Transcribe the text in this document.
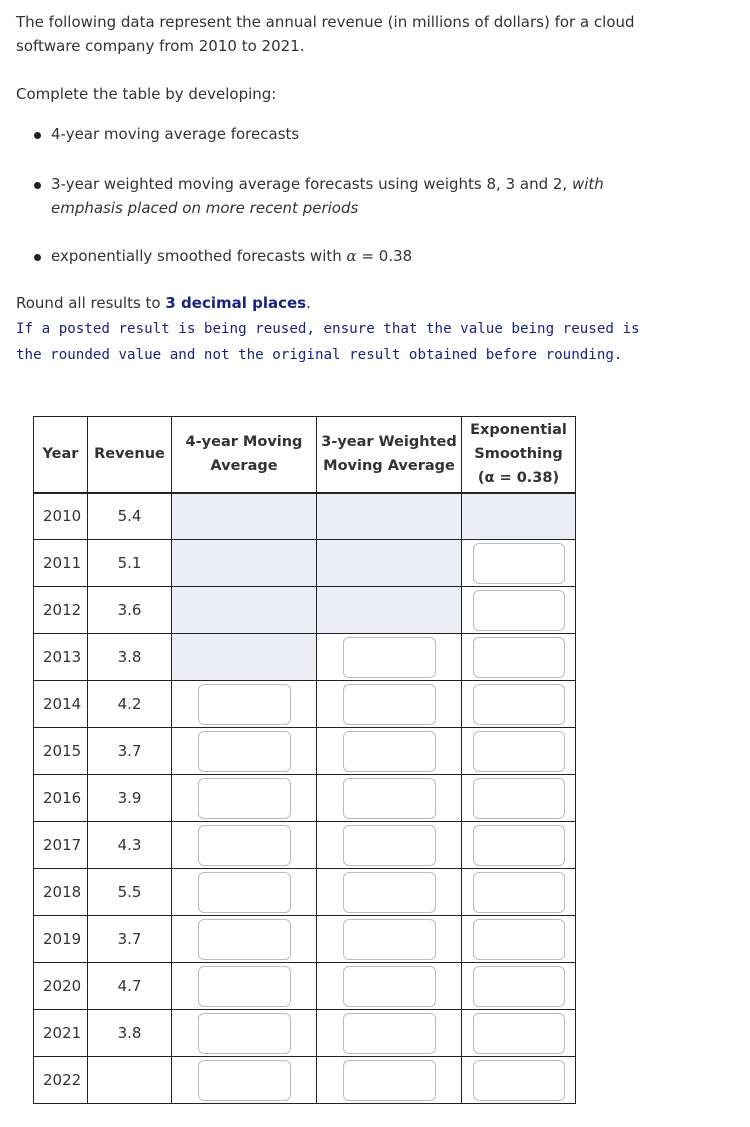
The following data represent the annual revenue (in millions of dollars) for a cloud software company from 2010 to 2021.
Complete the table by developing:
4-year moving average forecasts
3-year weighted moving average forecasts using weights 8, 3 and 2, with emphasis placed on more recent periods
exponentially smoothed forecasts with α = 0.38
Round all results to 3 decimal places.
If a posted result is being reused, ensure that the value being reused is the rounded value and not the original result obtained before rounding.
Year	Revenue	4-year Moving Average	3-year Weighted Moving Average	Exponential
Smoothing
(α = 0.38)
2010	5.4			
2011	5.1			
2012	3.6			
2013	3.8			
2014	4.2			
2015	3.7			
2016	3.9			
2017	4.3			
2018	5.5			
2019	3.7			
2020	4.7			
2021	3.8			
2022				
